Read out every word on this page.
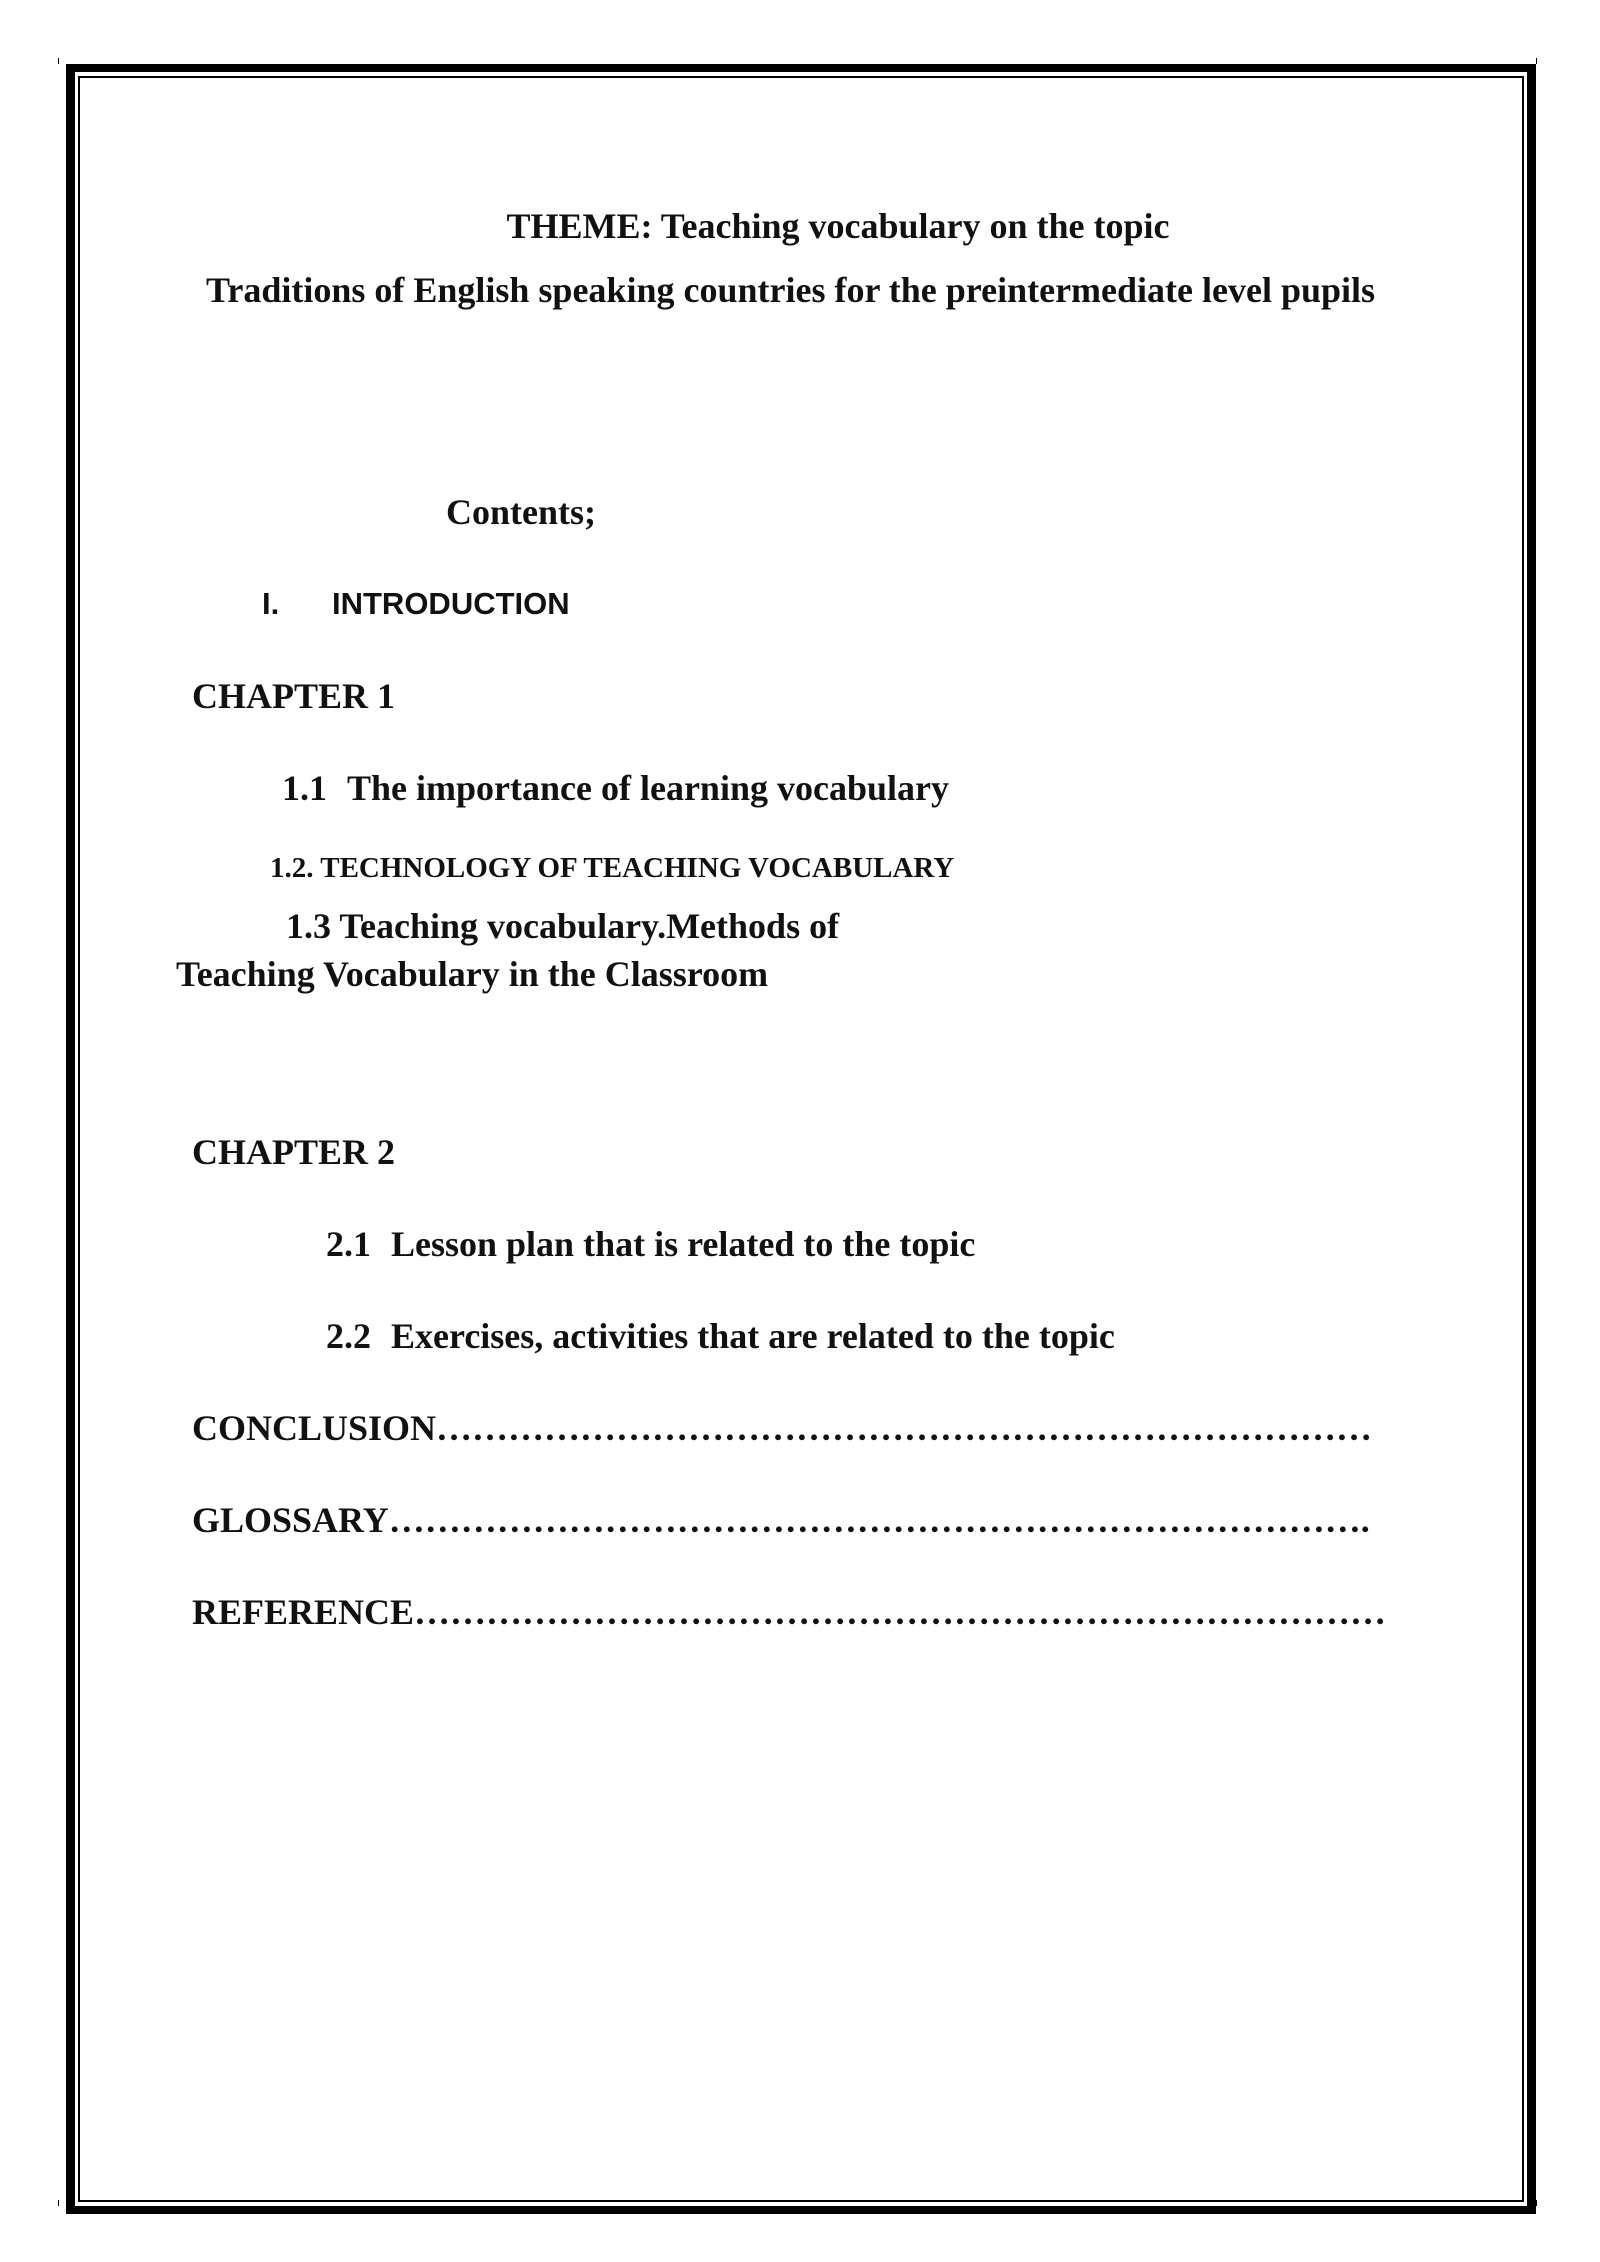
THEME: Teaching vocabulary on the topic
Traditions of English speaking countries for the preintermediate level pupils
Contents;
I. INTRODUCTION
CHAPTER 1
1.1 The importance of learning vocabulary
1.2. TECHNOLOGY OF TEACHING VOCABULARY
1.3 Teaching vocabulary.Methods of
Teaching Vocabulary in the Classroom
CHAPTER 2
2.1 Lesson plan that is related to the topic
2.2 Exercises, activities that are related to the topic
CONCLUSION……………………………………………………………………
GLOSSARY……………………………………………………………………….
REFERENCE………………………………………………………………………
